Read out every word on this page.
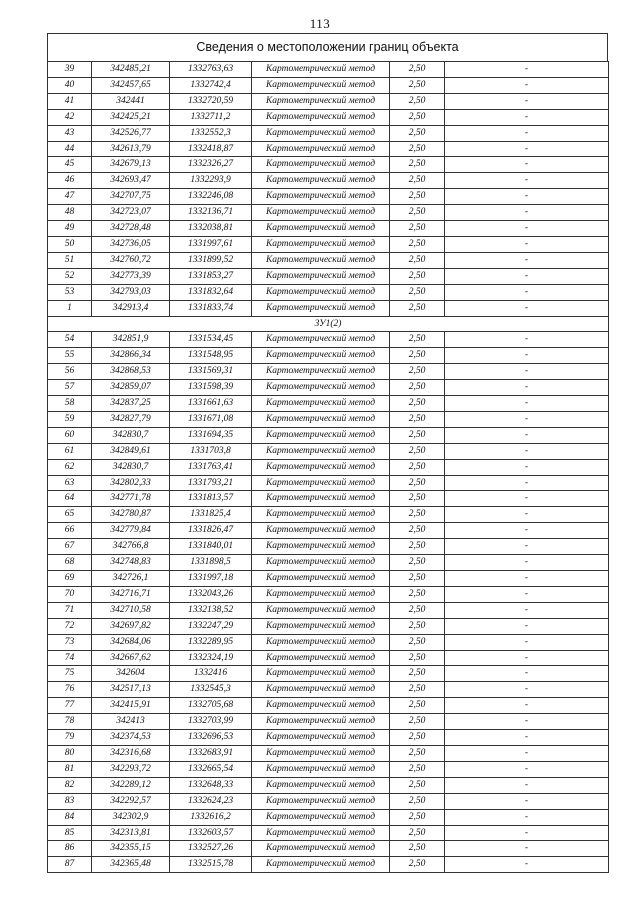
113
Сведения о местоположении границ объекта
39	342485,21	1332763,63	Картометрический метод	2,50	-
40	342457,65	1332742,4	Картометрический метод	2,50	-
41	342441	1332720,59	Картометрический метод	2,50	-
42	342425,21	1332711,2	Картометрический метод	2,50	-
43	342526,77	1332552,3	Картометрический метод	2,50	-
44	342613,79	1332418,87	Картометрический метод	2,50	-
45	342679,13	1332326,27	Картометрический метод	2,50	-
46	342693,47	1332293,9	Картометрический метод	2,50	-
47	342707,75	1332246,08	Картометрический метод	2,50	-
48	342723,07	1332136,71	Картометрический метод	2,50	-
49	342728,48	1332038,81	Картометрический метод	2,50	-
50	342736,05	1331997,61	Картометрический метод	2,50	-
51	342760,72	1331899,52	Картометрический метод	2,50	-
52	342773,39	1331853,27	Картометрический метод	2,50	-
53	342793,03	1331832,64	Картометрический метод	2,50	-
1	342913,4	1331833,74	Картометрический метод	2,50	-
ЗУ1(2)					
54	342851,9	1331534,45	Картометрический метод	2,50	-
55	342866,34	1331548,95	Картометрический метод	2,50	-
56	342868,53	1331569,31	Картометрический метод	2,50	-
57	342859,07	1331598,39	Картометрический метод	2,50	-
58	342837,25	1331661,63	Картометрический метод	2,50	-
59	342827,79	1331671,08	Картометрический метод	2,50	-
60	342830,7	1331694,35	Картометрический метод	2,50	-
61	342849,61	1331703,8	Картометрический метод	2,50	-
62	342830,7	1331763,41	Картометрический метод	2,50	-
63	342802,33	1331793,21	Картометрический метод	2,50	-
64	342771,78	1331813,57	Картометрический метод	2,50	-
65	342780,87	1331825,4	Картометрический метод	2,50	-
66	342779,84	1331826,47	Картометрический метод	2,50	-
67	342766,8	1331840,01	Картометрический метод	2,50	-
68	342748,83	1331898,5	Картометрический метод	2,50	-
69	342726,1	1331997,18	Картометрический метод	2,50	-
70	342716,71	1332043,26	Картометрический метод	2,50	-
71	342710,58	1332138,52	Картометрический метод	2,50	-
72	342697,82	1332247,29	Картометрический метод	2,50	-
73	342684,06	1332289,95	Картометрический метод	2,50	-
74	342667,62	1332324,19	Картометрический метод	2,50	-
75	342604	1332416	Картометрический метод	2,50	-
76	342517,13	1332545,3	Картометрический метод	2,50	-
77	342415,91	1332705,68	Картометрический метод	2,50	-
78	342413	1332703,99	Картометрический метод	2,50	-
79	342374,53	1332696,53	Картометрический метод	2,50	-
80	342316,68	1332683,91	Картометрический метод	2,50	-
81	342293,72	1332665,54	Картометрический метод	2,50	-
82	342289,12	1332648,33	Картометрический метод	2,50	-
83	342292,57	1332624,23	Картометрический метод	2,50	-
84	342302,9	1332616,2	Картометрический метод	2,50	-
85	342313,81	1332603,57	Картометрический метод	2,50	-
86	342355,15	1332527,26	Картометрический метод	2,50	-
87	342365,48	1332515,78	Картометрический метод	2,50	-
